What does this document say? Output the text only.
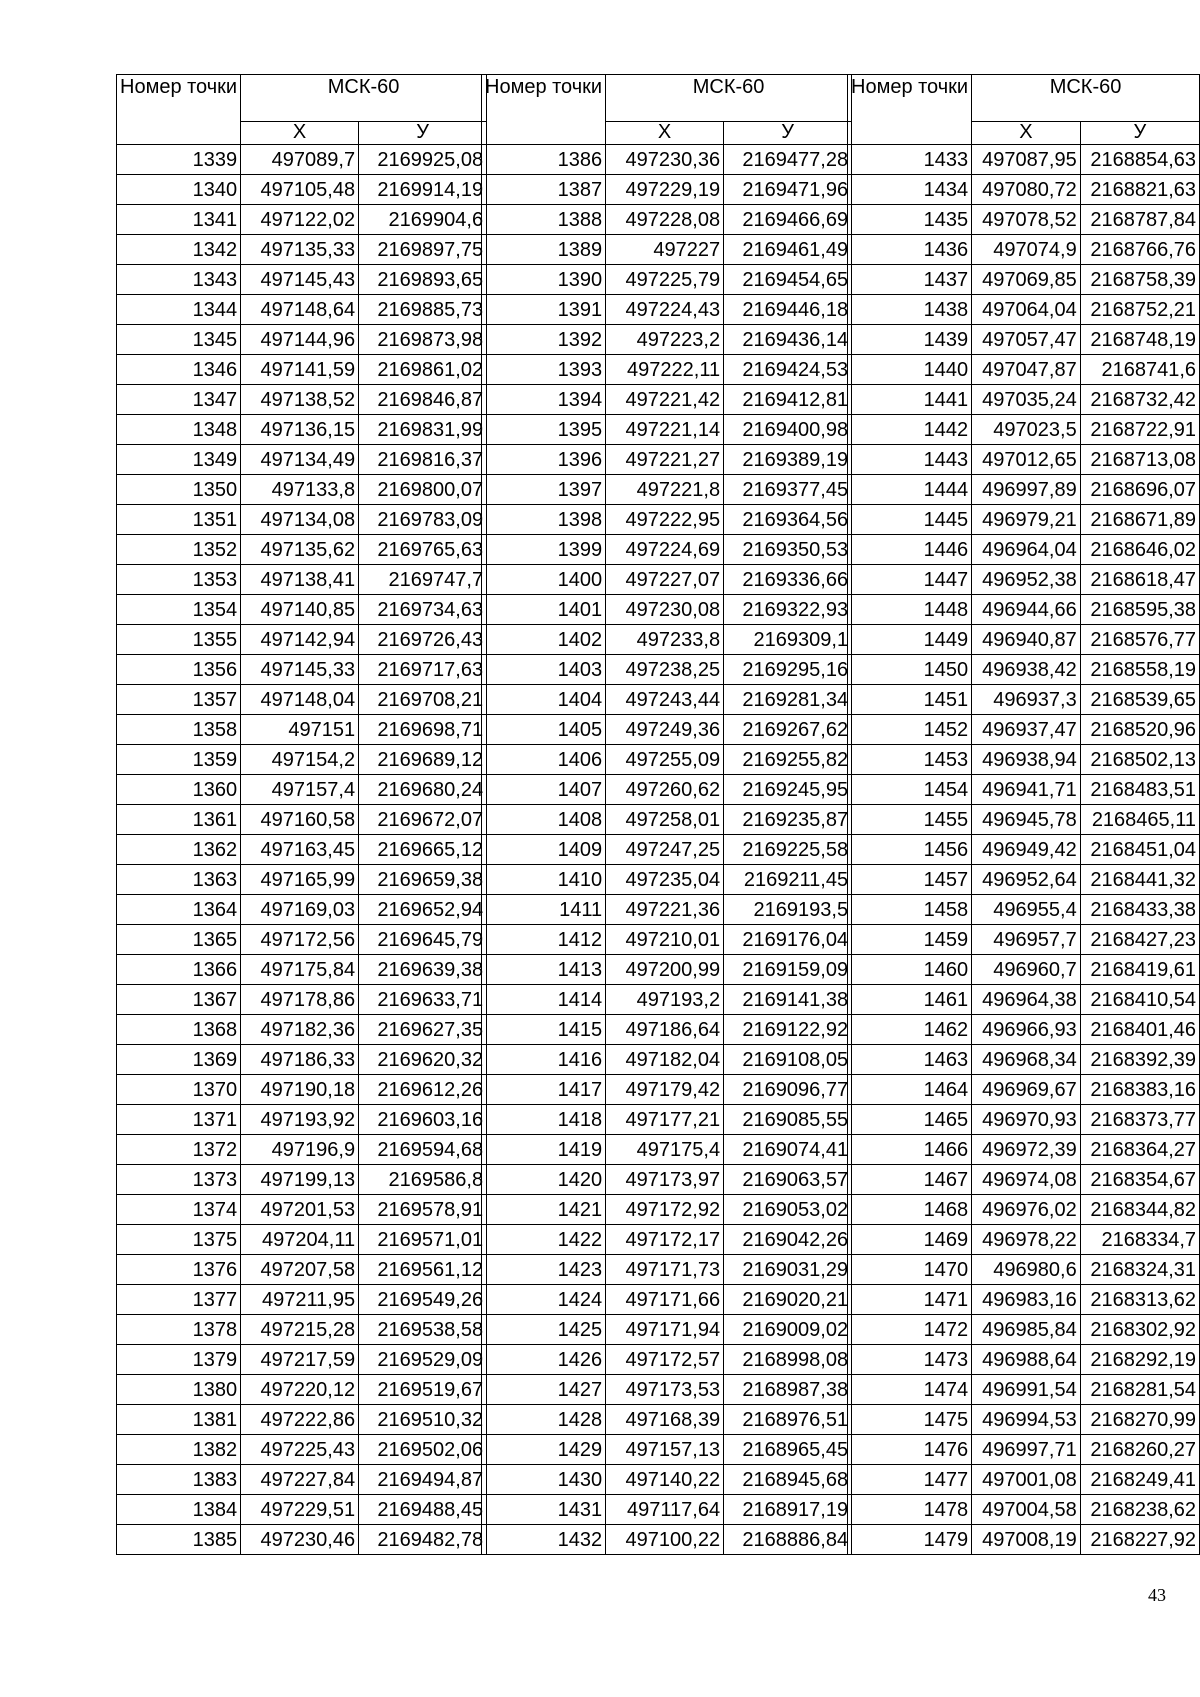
Номер точки	МСК-60	
	Х	У
1339	497089,7	2169925,08
1340	497105,48	2169914,19
1341	497122,02	2169904,6
1342	497135,33	2169897,75
1343	497145,43	2169893,65
1344	497148,64	2169885,73
1345	497144,96	2169873,98
1346	497141,59	2169861,02
1347	497138,52	2169846,87
1348	497136,15	2169831,99
1349	497134,49	2169816,37
1350	497133,8	2169800,07
1351	497134,08	2169783,09
1352	497135,62	2169765,63
1353	497138,41	2169747,7
1354	497140,85	2169734,63
1355	497142,94	2169726,43
1356	497145,33	2169717,63
1357	497148,04	2169708,21
1358	497151	2169698,71
1359	497154,2	2169689,12
1360	497157,4	2169680,24
1361	497160,58	2169672,07
1362	497163,45	2169665,12
1363	497165,99	2169659,38
1364	497169,03	2169652,94
1365	497172,56	2169645,79
1366	497175,84	2169639,38
1367	497178,86	2169633,71
1368	497182,36	2169627,35
1369	497186,33	2169620,32
1370	497190,18	2169612,26
1371	497193,92	2169603,16
1372	497196,9	2169594,68
1373	497199,13	2169586,8
1374	497201,53	2169578,91
1375	497204,11	2169571,01
1376	497207,58	2169561,12
1377	497211,95	2169549,26
1378	497215,28	2169538,58
1379	497217,59	2169529,09
1380	497220,12	2169519,67
1381	497222,86	2169510,32
1382	497225,43	2169502,06
1383	497227,84	2169494,87
1384	497229,51	2169488,45
1385	497230,46	2169482,78
Номер точки	МСК-60	
	Х	У
1386	497230,36	2169477,28
1387	497229,19	2169471,96
1388	497228,08	2169466,69
1389	497227	2169461,49
1390	497225,79	2169454,65
1391	497224,43	2169446,18
1392	497223,2	2169436,14
1393	497222,11	2169424,53
1394	497221,42	2169412,81
1395	497221,14	2169400,98
1396	497221,27	2169389,19
1397	497221,8	2169377,45
1398	497222,95	2169364,56
1399	497224,69	2169350,53
1400	497227,07	2169336,66
1401	497230,08	2169322,93
1402	497233,8	2169309,1
1403	497238,25	2169295,16
1404	497243,44	2169281,34
1405	497249,36	2169267,62
1406	497255,09	2169255,82
1407	497260,62	2169245,95
1408	497258,01	2169235,87
1409	497247,25	2169225,58
1410	497235,04	2169211,45
1411	497221,36	2169193,5
1412	497210,01	2169176,04
1413	497200,99	2169159,09
1414	497193,2	2169141,38
1415	497186,64	2169122,92
1416	497182,04	2169108,05
1417	497179,42	2169096,77
1418	497177,21	2169085,55
1419	497175,4	2169074,41
1420	497173,97	2169063,57
1421	497172,92	2169053,02
1422	497172,17	2169042,26
1423	497171,73	2169031,29
1424	497171,66	2169020,21
1425	497171,94	2169009,02
1426	497172,57	2168998,08
1427	497173,53	2168987,38
1428	497168,39	2168976,51
1429	497157,13	2168965,45
1430	497140,22	2168945,68
1431	497117,64	2168917,19
1432	497100,22	2168886,84
Номер точки	МСК-60	
	Х	У
1433	497087,95	2168854,63
1434	497080,72	2168821,63
1435	497078,52	2168787,84
1436	497074,9	2168766,76
1437	497069,85	2168758,39
1438	497064,04	2168752,21
1439	497057,47	2168748,19
1440	497047,87	2168741,6
1441	497035,24	2168732,42
1442	497023,5	2168722,91
1443	497012,65	2168713,08
1444	496997,89	2168696,07
1445	496979,21	2168671,89
1446	496964,04	2168646,02
1447	496952,38	2168618,47
1448	496944,66	2168595,38
1449	496940,87	2168576,77
1450	496938,42	2168558,19
1451	496937,3	2168539,65
1452	496937,47	2168520,96
1453	496938,94	2168502,13
1454	496941,71	2168483,51
1455	496945,78	2168465,11
1456	496949,42	2168451,04
1457	496952,64	2168441,32
1458	496955,4	2168433,38
1459	496957,7	2168427,23
1460	496960,7	2168419,61
1461	496964,38	2168410,54
1462	496966,93	2168401,46
1463	496968,34	2168392,39
1464	496969,67	2168383,16
1465	496970,93	2168373,77
1466	496972,39	2168364,27
1467	496974,08	2168354,67
1468	496976,02	2168344,82
1469	496978,22	2168334,7
1470	496980,6	2168324,31
1471	496983,16	2168313,62
1472	496985,84	2168302,92
1473	496988,64	2168292,19
1474	496991,54	2168281,54
1475	496994,53	2168270,99
1476	496997,71	2168260,27
1477	497001,08	2168249,41
1478	497004,58	2168238,62
1479	497008,19	2168227,92
43
